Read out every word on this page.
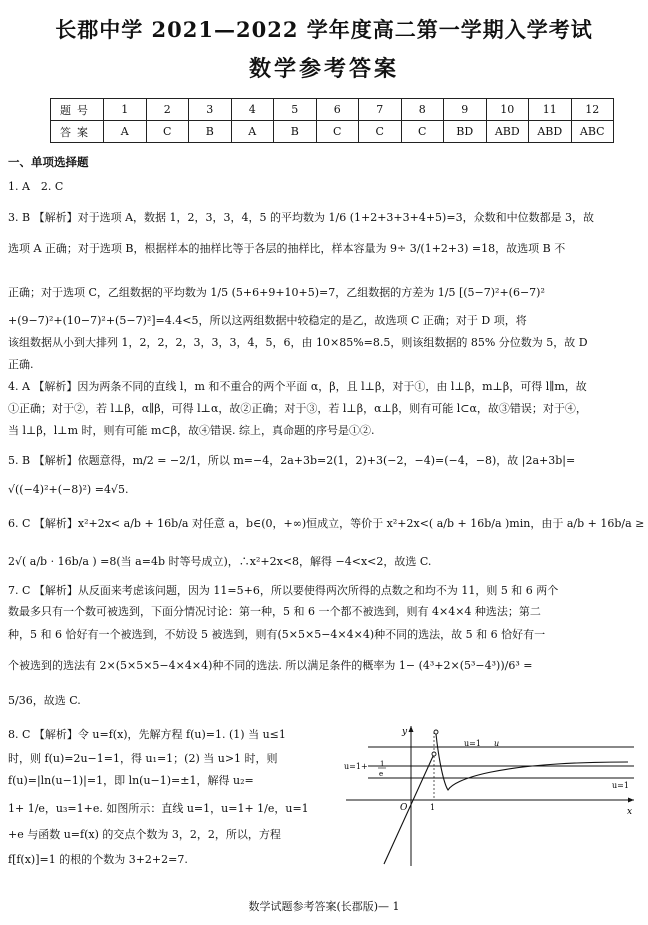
长郡中学 2021—2022 学年度高二第一学期入学考试
数学参考答案
题号	1	2	3	4	5	6	7	8	9	10	11	12
答案	A	C	B	A	B	C	C	C	BD	ABD	ABD	ABC
一、单项选择题
1. A　2. C
3. B 【解析】对于选项 A，数据 1，2，3，3，4，5 的平均数为 1/6 (1+2+3+3+4+5)=3，众数和中位数都是 3，故
选项 A 正确；对于选项 B，根据样本的抽样比等于各层的抽样比，样本容量为 9÷ 3/(1+2+3) =18，故选项 B 不
正确；对于选项 C，乙组数据的平均数为 1/5 (5+6+9+10+5)=7，乙组数据的方差为 1/5 [(5−7)²+(6−7)²
+(9−7)²+(10−7)²+(5−7)²]=4.4<5，所以这两组数据中较稳定的是乙，故选项 C 正确；对于 D 项，将
该组数据从小到大排列 1，2，2，2，3，3，3，4，5，6，由 10×85%=8.5，则该组数据的 85% 分位数为 5，故 D
正确.
4. A 【解析】因为两条不同的直线 l，m 和不重合的两个平面 α，β，且 l⊥β，对于①，由 l⊥β，m⊥β，可得 l∥m，故
①正确；对于②，若 l⊥β，α∥β，可得 l⊥α，故②正确；对于③，若 l⊥β，α⊥β，则有可能 l⊂α，故③错误；对于④，
当 l⊥β，l⊥m 时，则有可能 m⊂β，故④错误. 综上，真命题的序号是①②.
5. B 【解析】依题意得，m/2 = −2/1，所以 m=−4，2a+3b=2(1，2)+3(−2，−4)=(−4，−8)，故 |2a+3b|=
√((−4)²+(−8)²) =4√5.
6. C 【解析】x²+2x< a/b + 16b/a 对任意 a，b∈(0，+∞)恒成立，等价于 x²+2x<( a/b + 16b/a )min，由于 a/b + 16b/a ≥
2√( a/b · 16b/a ) =8(当 a=4b 时等号成立)，∴x²+2x<8，解得 −4<x<2，故选 C.
7. C 【解析】从反面来考虑该问题，因为 11=5+6，所以要使得两次所得的点数之和均不为 11，则 5 和 6 两个
数最多只有一个数可被选到，下面分情况讨论：第一种，5 和 6 一个都不被选到，则有 4×4×4 种选法；第二
种，5 和 6 恰好有一个被选到，不妨设 5 被选到，则有(5×5×5−4×4×4)种不同的选法，故 5 和 6 恰好有一
个被选到的选法有 2×(5×5×5−4×4×4)种不同的选法. 所以满足条件的概率为 1− (4³+2×(5³−4³))/6³ =
5/36，故选 C.
8. C 【解析】令 u=f(x)，先解方程 f(u)=1. (1) 当 u≤1
时，则 f(u)=2u−1=1，得 u₁=1；(2) 当 u>1 时，则
f(u)=|ln(u−1)|=1，即 ln(u−1)=±1，解得 u₂=
1+ 1/e，u₃=1+e. 如图所示：直线 u=1，u=1+ 1/e，u=1
+e 与函数 u=f(x) 的交点个数为 3，2，2，所以，方程
f[f(x)]=1 的根的个数为 3+2+2=7.
y
x
O	1
u=1 u
u=1+ 1
e
u=1
数学试题参考答案(长郡版)— 1
